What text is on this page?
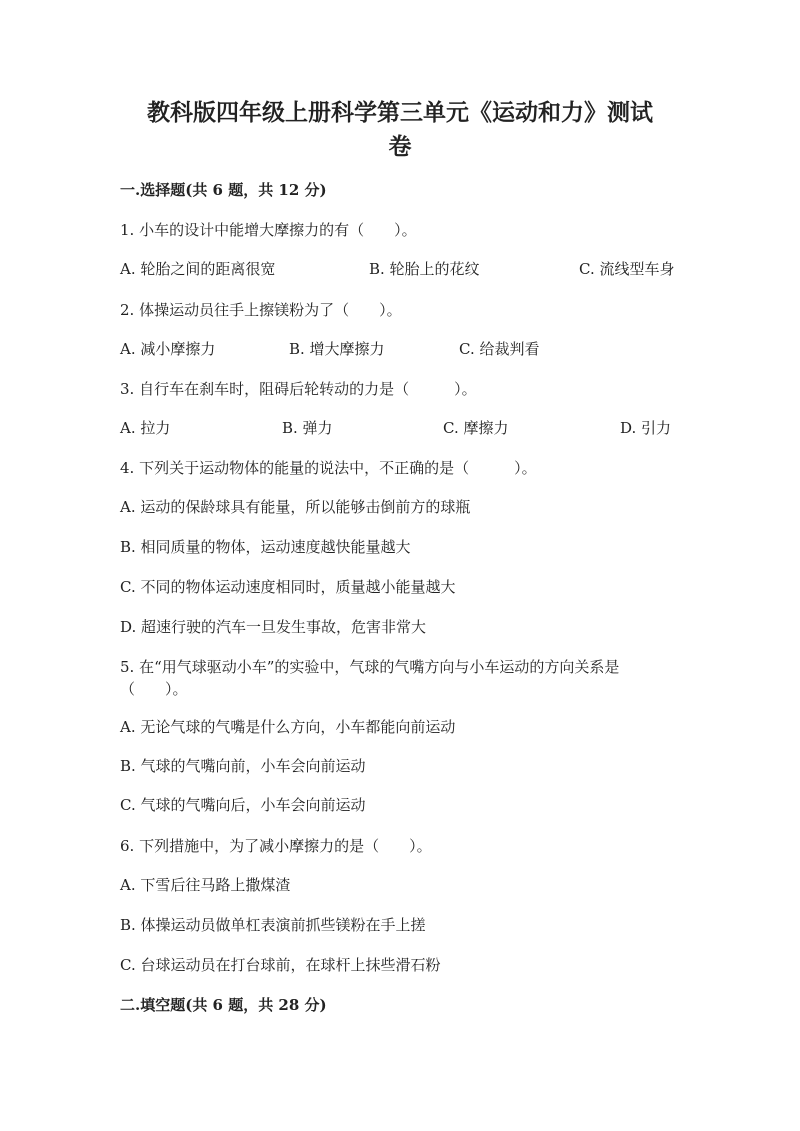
教科版四年级上册科学第三单元《运动和力》测试
卷
一.选择题(共 6 题，共 12 分)
1. 小车的设计中能增大摩擦力的有（　　）。
A. 轮胎之间的距离很宽	B. 轮胎上的花纹	C. 流线型车身
2. 体操运动员往手上擦镁粉为了（　　）。
A. 减小摩擦力	B. 增大摩擦力	C. 给裁判看
3. 自行车在刹车时，阻碍后轮转动的力是（　　　）。
A. 拉力	B. 弹力	C. 摩擦力	D. 引力
4. 下列关于运动物体的能量的说法中，不正确的是（　　　）。
A. 运动的保龄球具有能量，所以能够击倒前方的球瓶
B. 相同质量的物体，运动速度越快能量越大
C. 不同的物体运动速度相同时，质量越小能量越大
D. 超速行驶的汽车一旦发生事故，危害非常大
5. 在“用气球驱动小车”的实验中，气球的气嘴方向与小车运动的方向关系是
（　　）。
A. 无论气球的气嘴是什么方向，小车都能向前运动
B. 气球的气嘴向前，小车会向前运动
C. 气球的气嘴向后，小车会向前运动
6. 下列措施中，为了减小摩擦力的是（　　）。
A. 下雪后往马路上撒煤渣
B. 体操运动员做单杠表演前抓些镁粉在手上搓
C. 台球运动员在打台球前，在球杆上抹些滑石粉
二.填空题(共 6 题，共 28 分)
